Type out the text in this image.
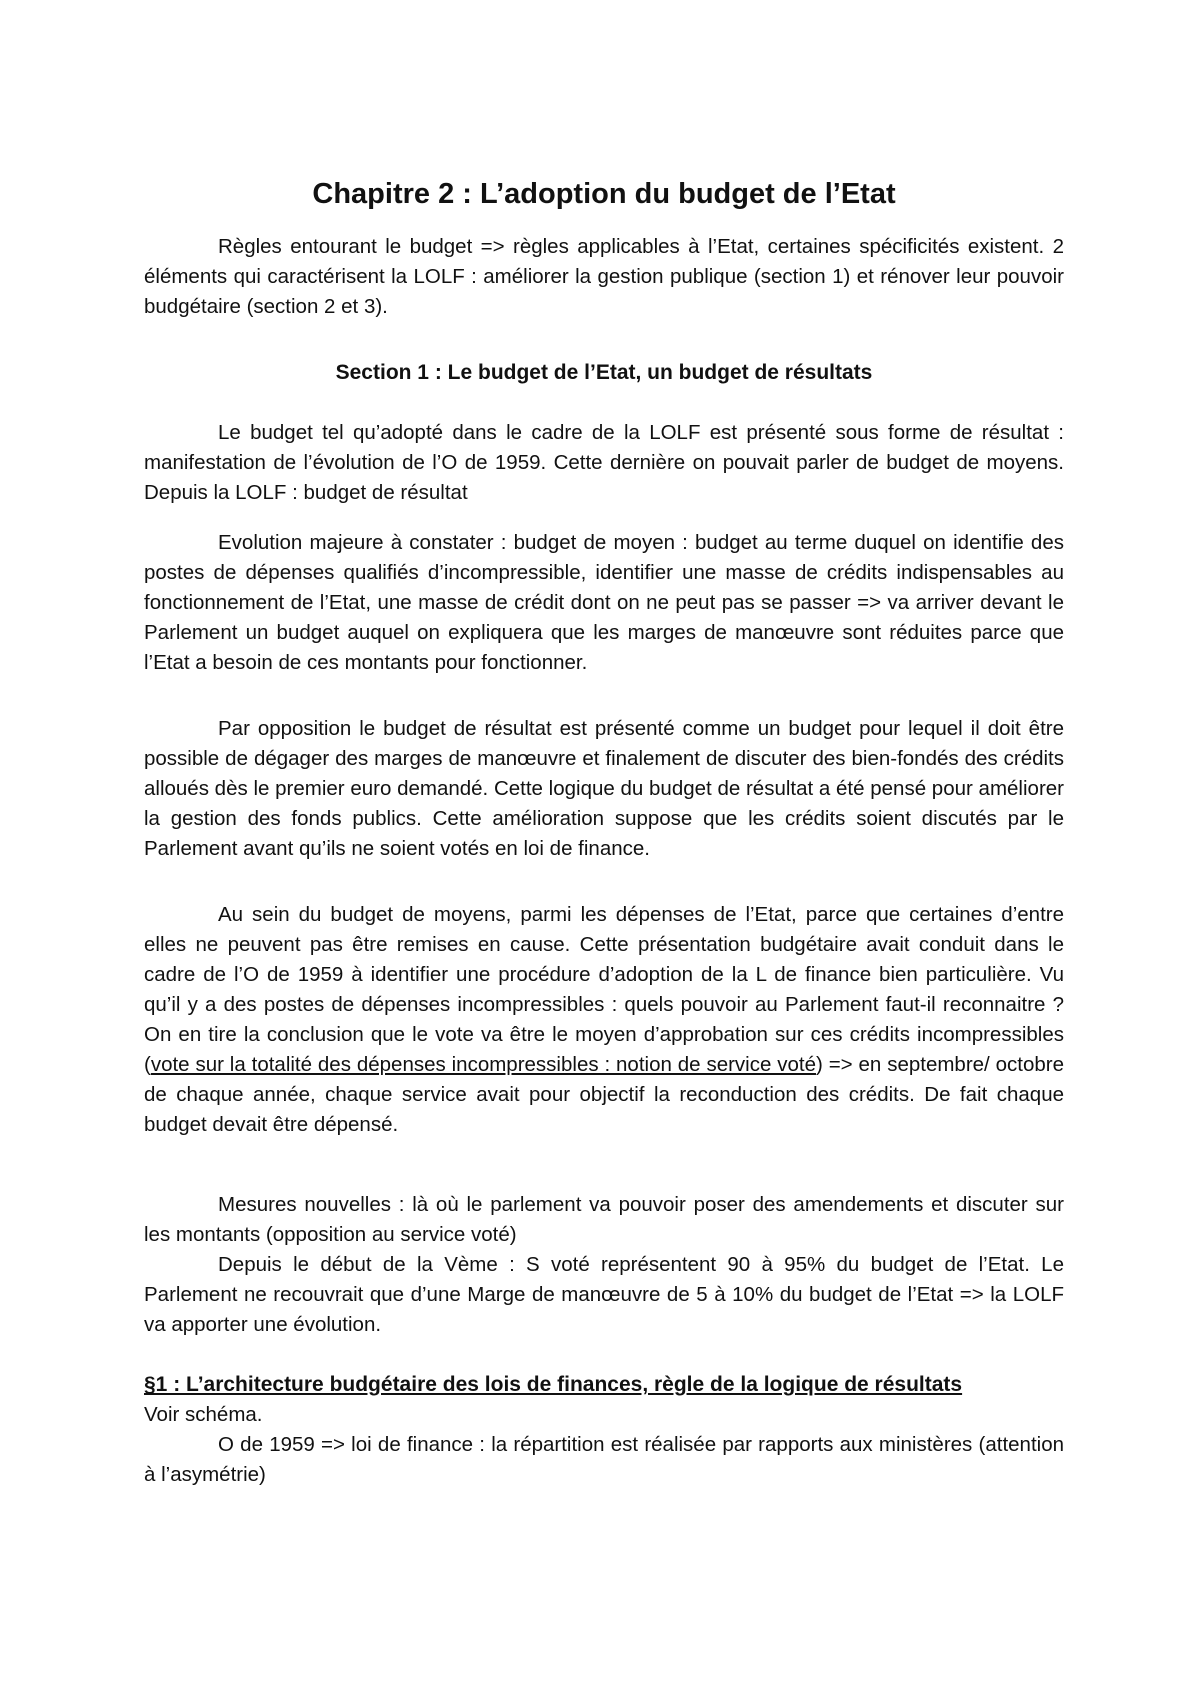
Chapitre 2 : L’adoption du budget de l’Etat

Règles entourant le budget => règles applicables à l’Etat, certaines spécificités existent. 2 éléments qui caractérisent la LOLF : améliorer la gestion publique (section 1) et rénover leur pouvoir budgétaire (section 2 et 3).

Section 1 : Le budget de l’Etat, un budget de résultats

Le budget tel qu’adopté dans le cadre de la LOLF est présenté sous forme de résultat : manifestation de l’évolution de l’O de 1959. Cette dernière on pouvait parler de budget de moyens. Depuis la LOLF : budget de résultat

Evolution majeure à constater : budget de moyen : budget au terme duquel on identifie des postes de dépenses qualifiés d’incompressible, identifier une masse de crédits indispensables au fonctionnement de l’Etat, une masse de crédit dont on ne peut pas se passer => va arriver devant le Parlement un budget auquel on expliquera que les marges de manœuvre sont réduites parce que l’Etat a besoin de ces montants pour fonctionner.

Par opposition le budget de résultat est présenté comme un budget pour lequel il doit être possible de dégager des marges de manœuvre et finalement de discuter des bien-fondés des crédits alloués dès le premier euro demandé. Cette logique du budget de résultat a été pensé pour améliorer la gestion des fonds publics. Cette amélioration suppose que les crédits soient discutés par le Parlement avant qu’ils ne soient votés en loi de finance.

Au sein du budget de moyens, parmi les dépenses de l’Etat, parce que certaines d’entre elles ne peuvent pas être remises en cause. Cette présentation budgétaire avait conduit dans le cadre de l’O de 1959 à identifier une procédure d’adoption de la L de finance bien particulière. Vu qu’il y a des postes de dépenses incompressibles : quels pouvoir au Parlement faut-il reconnaitre ? On en tire la conclusion que le vote va être le moyen d’approbation sur ces crédits incompressibles (vote sur la totalité des dépenses incompressibles : notion de service voté) => en septembre/ octobre de chaque année, chaque service avait pour objectif la reconduction des crédits. De fait chaque budget devait être dépensé.

Mesures nouvelles : là où le parlement va pouvoir poser des amendements et discuter sur les montants (opposition au service voté)

Depuis le début de la Vème : S voté représentent 90 à 95% du budget de l’Etat. Le Parlement ne recouvrait que d’une Marge de manœuvre de 5 à 10% du budget de l’Etat => la LOLF va apporter une évolution.

§1 : L’architecture budgétaire des lois de finances, règle de la logique de résultats

Voir schéma.

O de 1959 => loi de finance : la répartition est réalisée par rapports aux ministères (attention à l’asymétrie)
